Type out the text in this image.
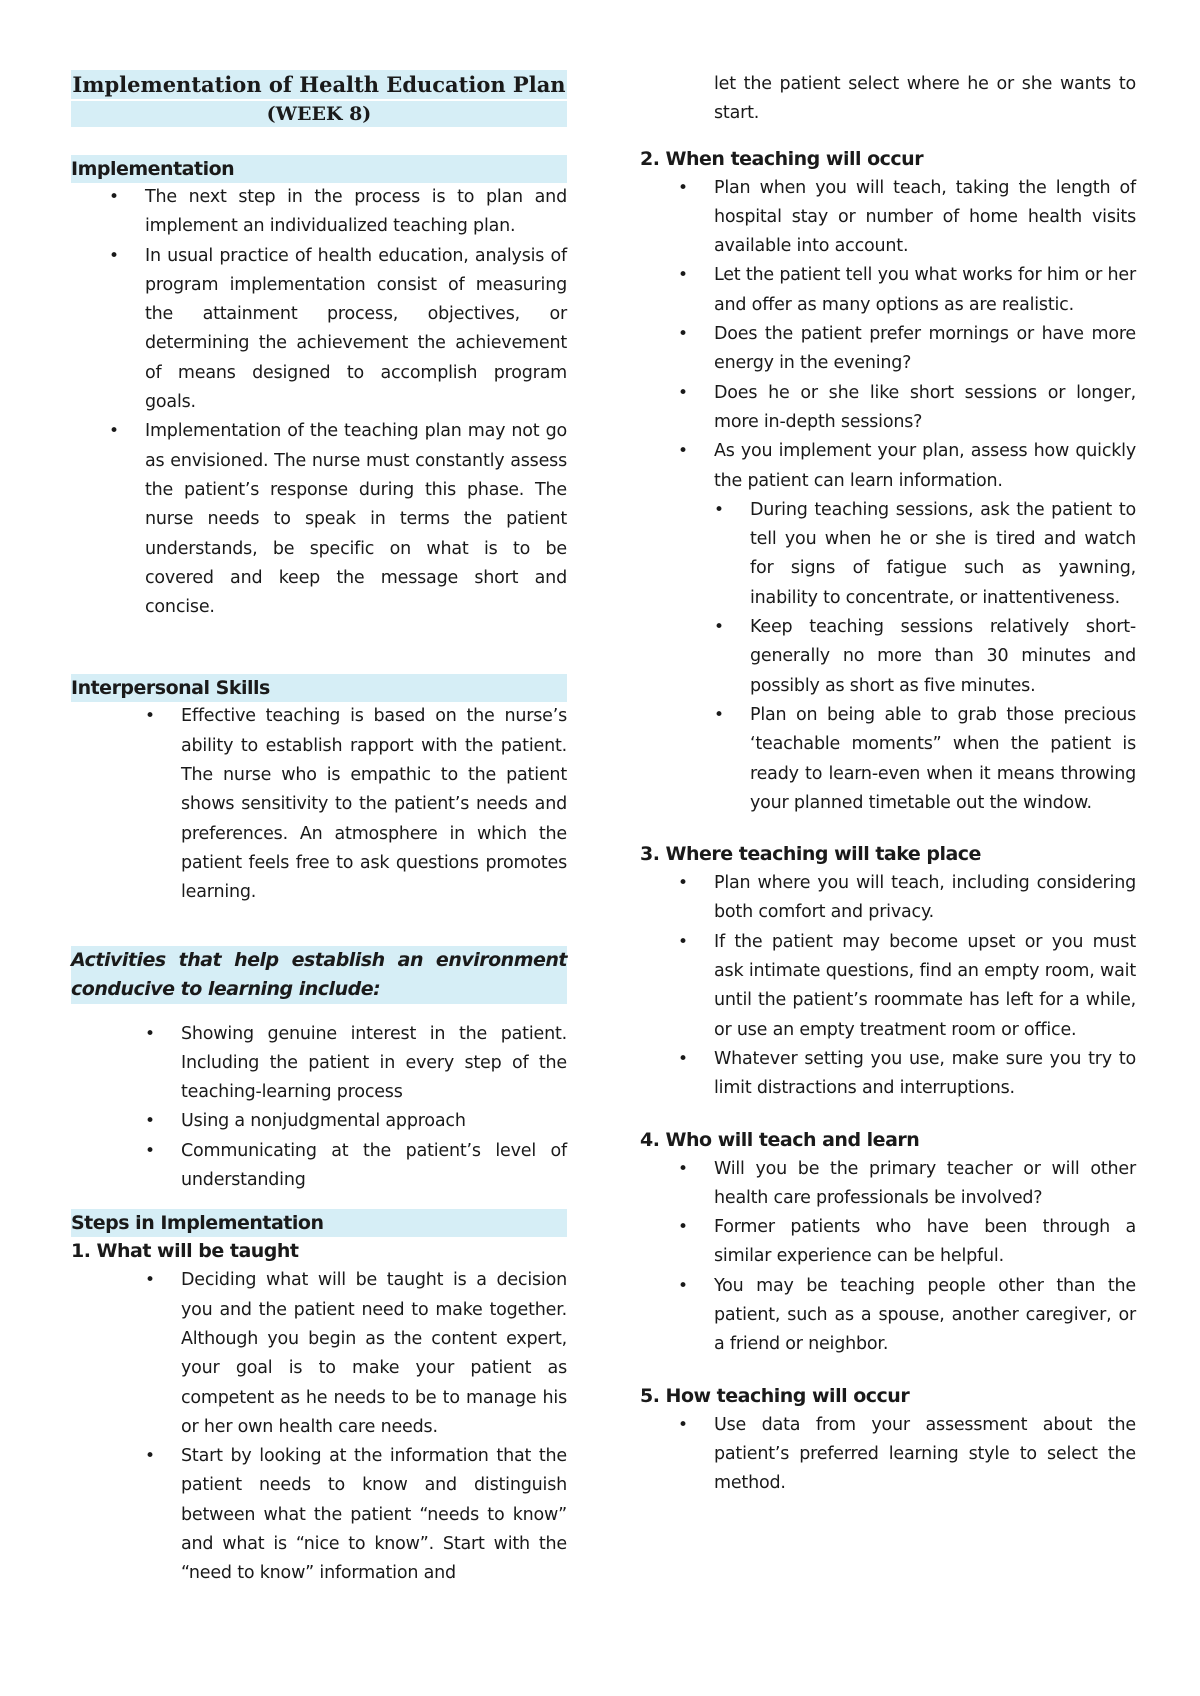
Implementation of Health Education Plan
(WEEK 8)
Implementation
• The next step in the process is to plan and implement an individualized teaching plan.
• In usual practice of health education, analysis of program implementation consist of measuring the attainment process, objectives, or determining the achievement the achievement of means designed to accomplish program goals.
• Implementation of the teaching plan may not go as envisioned. The nurse must constantly assess the patient’s response during this phase. The nurse needs to speak in terms the patient understands, be specific on what is to be covered and keep the message short and concise.
Interpersonal Skills
• Effective teaching is based on the nurse’s ability to establish rapport with the patient. The nurse who is empathic to the patient shows sensitivity to the patient’s needs and preferences. An atmosphere in which the patient feels free to ask questions promotes learning.
Activities that help establish an environment
conducive to learning include:
• Showing genuine interest in the patient. Including the patient in every step of the teaching-learning process
• Using a nonjudgmental approach
• Communicating at the patient’s level of understanding
Steps in Implementation
1. What will be taught
• Deciding what will be taught is a decision you and the patient need to make together. Although you begin as the content expert, your goal is to make your patient as competent as he needs to be to manage his or her own health care needs.
• Start by looking at the information that the patient needs to know and distinguish between what the patient “needs to know” and what is “nice to know”. Start with the “need to know” information and

let the patient select where he or she wants to start.

2. When teaching will occur
• Plan when you will teach, taking the length of hospital stay or number of home health visits available into account.
• Let the patient tell you what works for him or her and offer as many options as are realistic.
• Does the patient prefer mornings or have more energy in the evening?
• Does he or she like short sessions or longer, more in-depth sessions?
• As you implement your plan, assess how quickly the patient can learn information.
• During teaching sessions, ask the patient to tell you when he or she is tired and watch for signs of fatigue such as yawning, inability to concentrate, or inattentiveness.
• Keep teaching sessions relatively short-generally no more than 30 minutes and possibly as short as five minutes.
• Plan on being able to grab those precious ‘teachable moments” when the patient is ready to learn-even when it means throwing your planned timetable out the window.
3. Where teaching will take place
• Plan where you will teach, including considering both comfort and privacy.
• If the patient may become upset or you must ask intimate questions, find an empty room, wait until the patient’s roommate has left for a while, or use an empty treatment room or office.
• Whatever setting you use, make sure you try to limit distractions and interruptions.
4. Who will teach and learn
• Will you be the primary teacher or will other health care professionals be involved?
• Former patients who have been through a similar experience can be helpful.
• You may be teaching people other than the patient, such as a spouse, another caregiver, or a friend or neighbor.
5. How teaching will occur
• Use data from your assessment about the patient’s preferred learning style to select the method.
